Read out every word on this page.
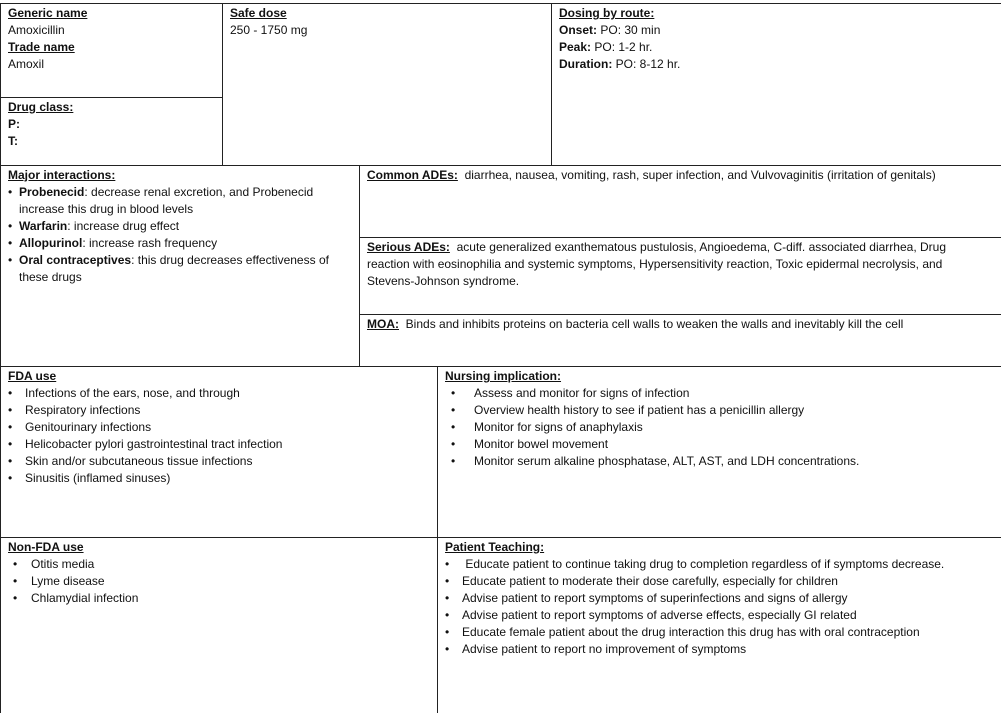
Generic name
Amoxicillin
Trade name
Amoxil
Drug class:
P:
T:
Safe dose
250 - 1750 mg
Dosing by route:
Onset: PO: 30 min
Peak: PO: 1-2 hr.
Duration: PO: 8-12 hr.
Major interactions:
• Probenecid: decrease renal excretion, and Probenecid increase this drug in blood levels
• Warfarin: increase drug effect
• Allopurinol: increase rash frequency
• Oral contraceptives: this drug decreases effectiveness of these drugs
Common ADEs: diarrhea, nausea, vomiting, rash, super infection, and Vulvovaginitis (irritation of genitals)
Serious ADEs: acute generalized exanthematous pustulosis, Angioedema, C-diff. associated diarrhea, Drug
reaction with eosinophilia and systemic symptoms, Hypersensitivity reaction, Toxic epidermal necrolysis, and
Stevens-Johnson syndrome.
MOA: Binds and inhibits proteins on bacteria cell walls to weaken the walls and inevitably kill the cell
FDA use
• Infections of the ears, nose, and through
• Respiratory infections
• Genitourinary infections
• Helicobacter pylori gastrointestinal tract infection
• Skin and/or subcutaneous tissue infections
• Sinusitis (inflamed sinuses)
Nursing implication:
• Assess and monitor for signs of infection
• Overview health history to see if patient has a penicillin allergy
• Monitor for signs of anaphylaxis
• Monitor bowel movement
• Monitor serum alkaline phosphatase, ALT, AST, and LDH concentrations.
Non-FDA use
• Otitis media
• Lyme disease
• Chlamydial infection
Patient Teaching:
•  Educate patient to continue taking drug to completion regardless of if symptoms decrease.
• Educate patient to moderate their dose carefully, especially for children
• Advise patient to report symptoms of superinfections and signs of allergy
• Advise patient to report symptoms of adverse effects, especially GI related
• Educate female patient about the drug interaction this drug has with oral contraception
• Advise patient to report no improvement of symptoms
